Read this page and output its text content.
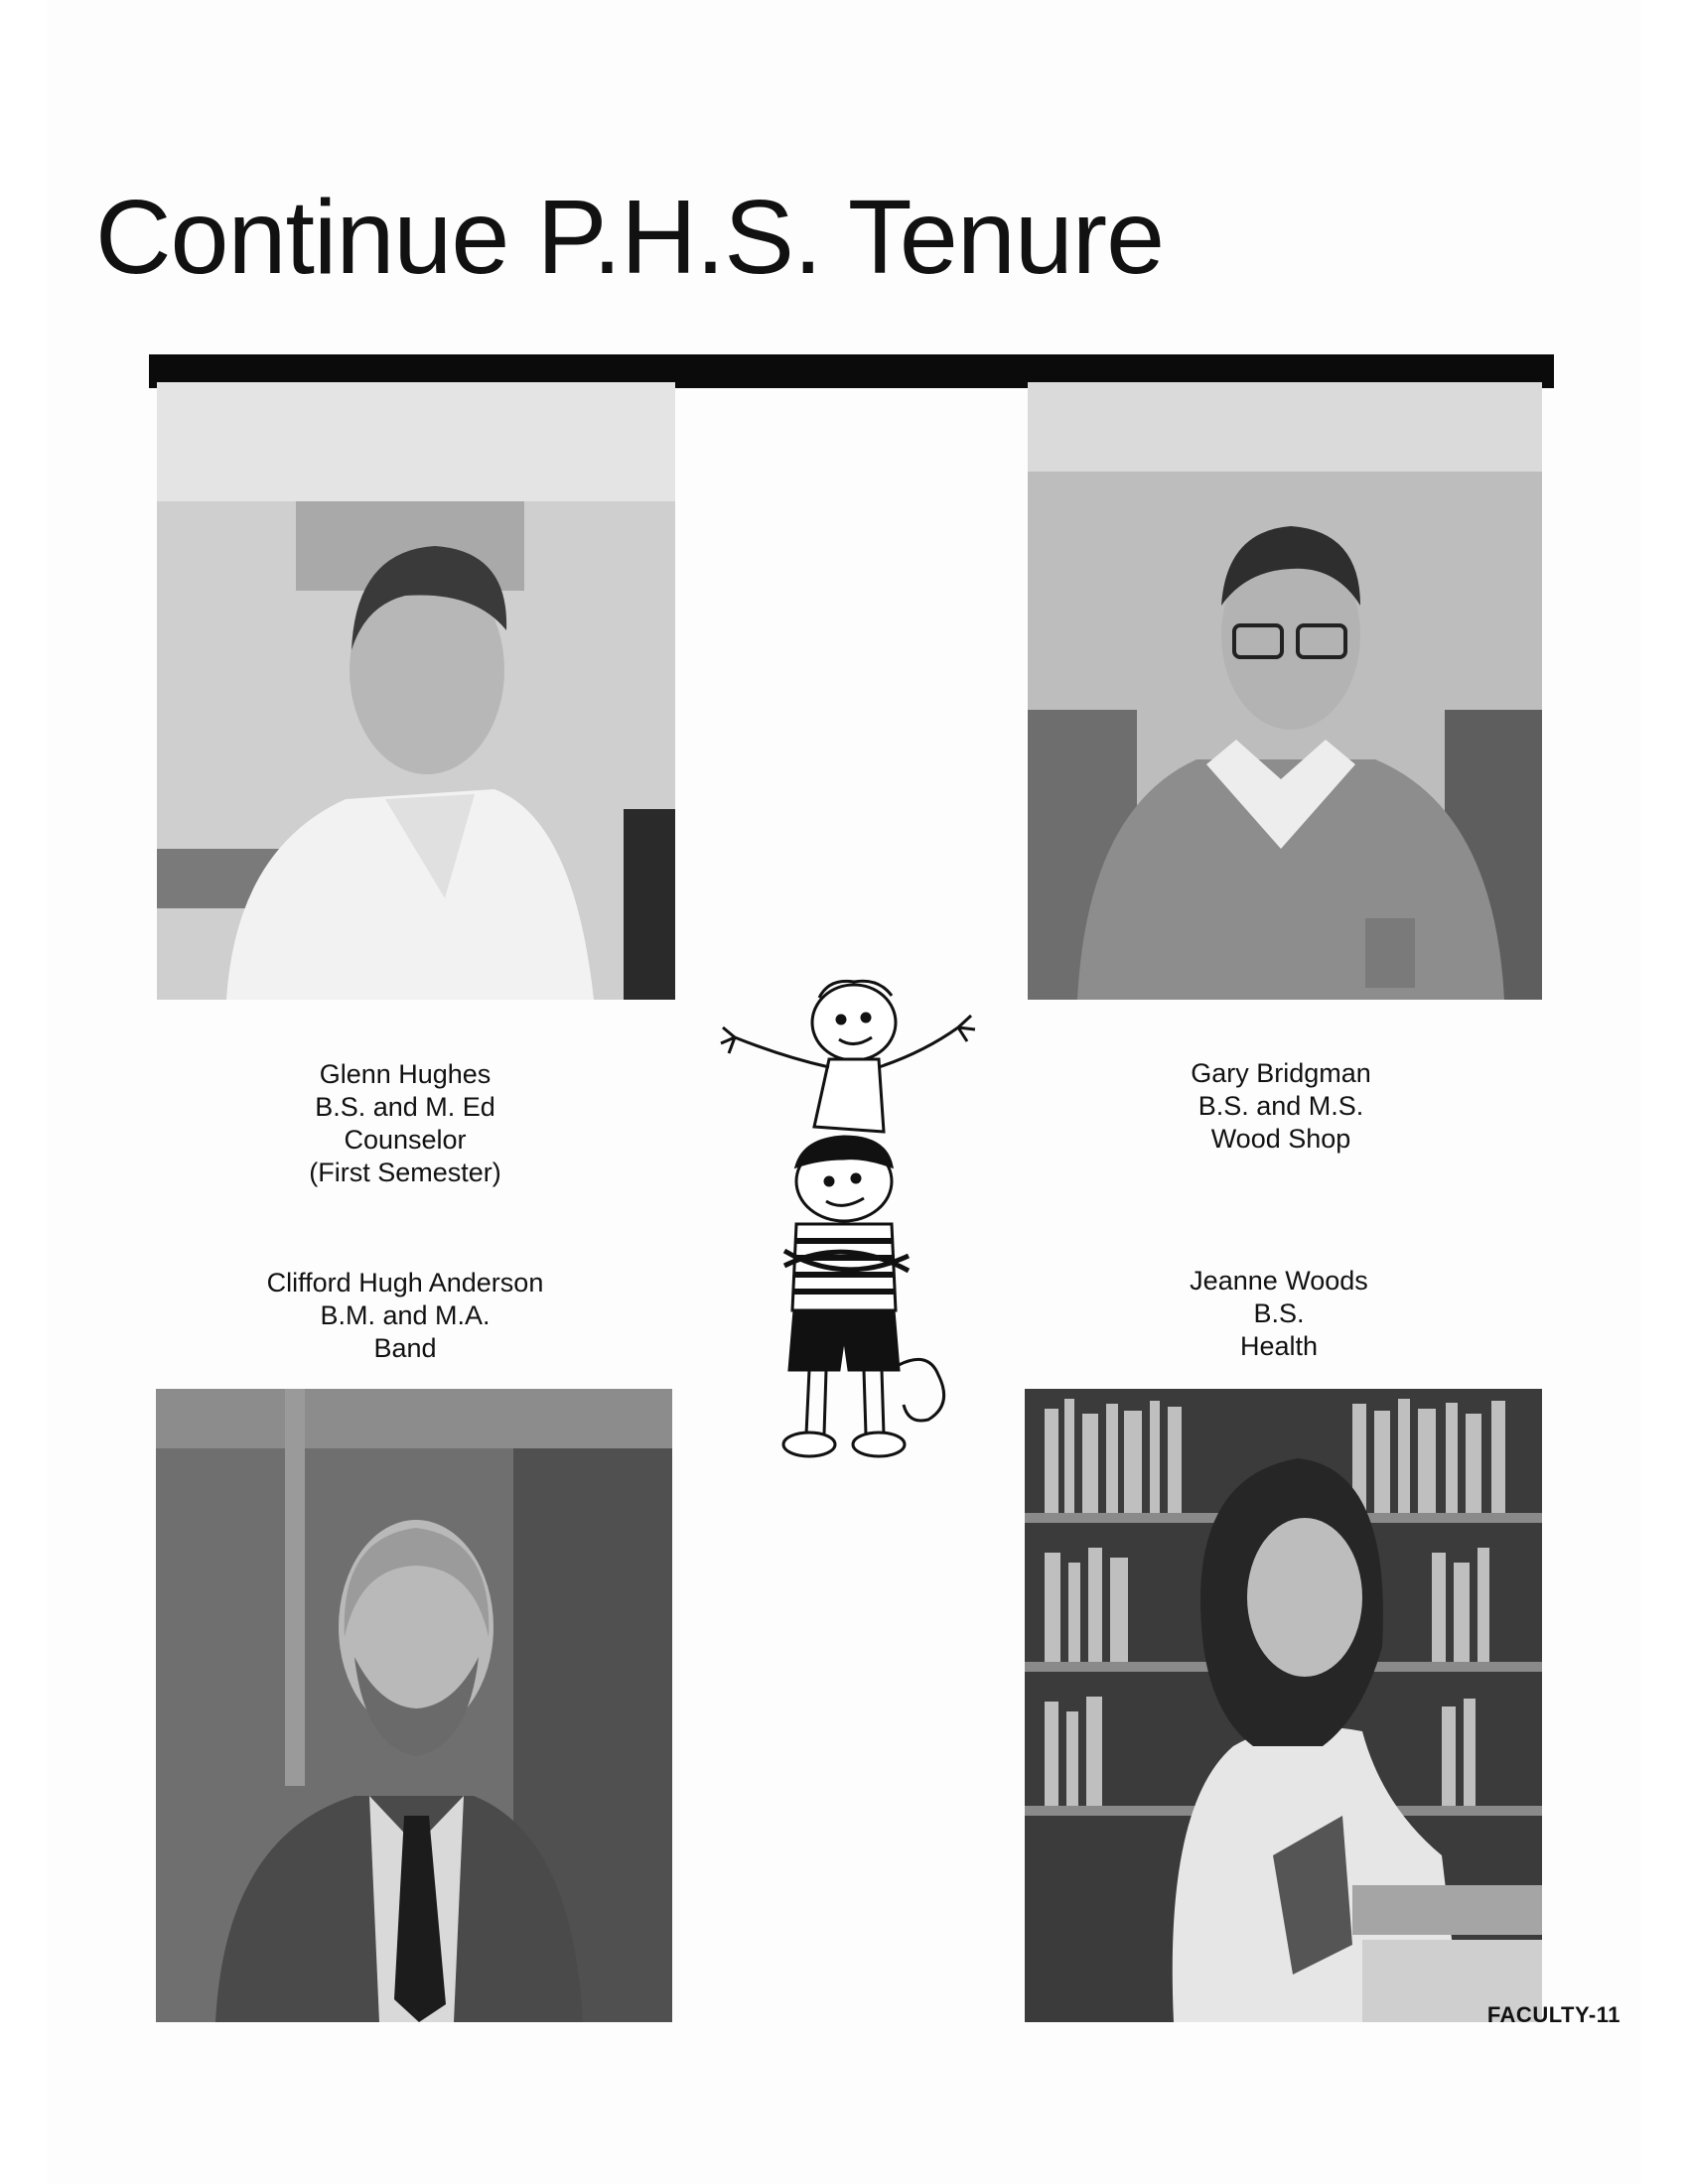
Continue P.H.S. Tenure
Glenn Hughes
B.S. and M. Ed
Counselor
(First Semester)
Gary Bridgman
B.S. and M.S.
Wood Shop
Clifford Hugh Anderson
B.M. and M.A.
Band
Jeanne Woods
B.S.
Health
FACULTY-11
